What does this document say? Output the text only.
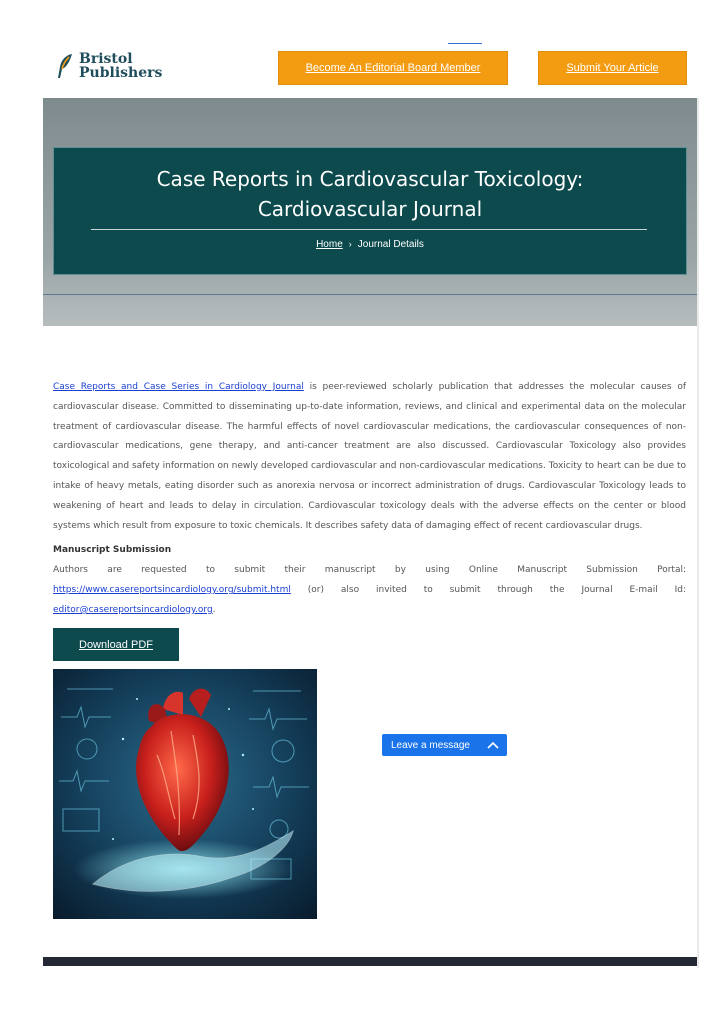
Bristol
Publishers	Become An Editorial Board Member	Submit Your Article
Case Reports in Cardiovascular Toxicology:
Cardiovascular Journal
Home › Journal Details

Case Reports and Case Series in Cardiology Journal is peer-reviewed scholarly publication that addresses the molecular causes of cardiovascular disease. Committed to disseminating up-to-date information, reviews, and clinical and experimental data on the molecular treatment of cardiovascular disease. The harmful effects of novel cardiovascular medications, the cardiovascular consequences of non-cardiovascular medications, gene therapy, and anti-cancer treatment are also discussed. Cardiovascular Toxicology also provides toxicological and safety information on newly developed cardiovascular and non-cardiovascular medications. Toxicity to heart can be due to intake of heavy metals, eating disorder such as anorexia nervosa or incorrect administration of drugs. Cardiovascular Toxicology leads to weakening of heart and leads to delay in circulation. Cardiovascular toxicology deals with the adverse effects on the center or blood systems which result from exposure to toxic chemicals. It describes safety data of damaging effect of recent cardiovascular drugs.

Manuscript Submission

Authors are requested to submit their manuscript by using Online Manuscript Submission Portal: https://www.casereportsincardiology.org/submit.html (or) also invited to submit through the Journal E-mail Id: editor@casereportsincardiology.org.

Download PDF
Leave a message
